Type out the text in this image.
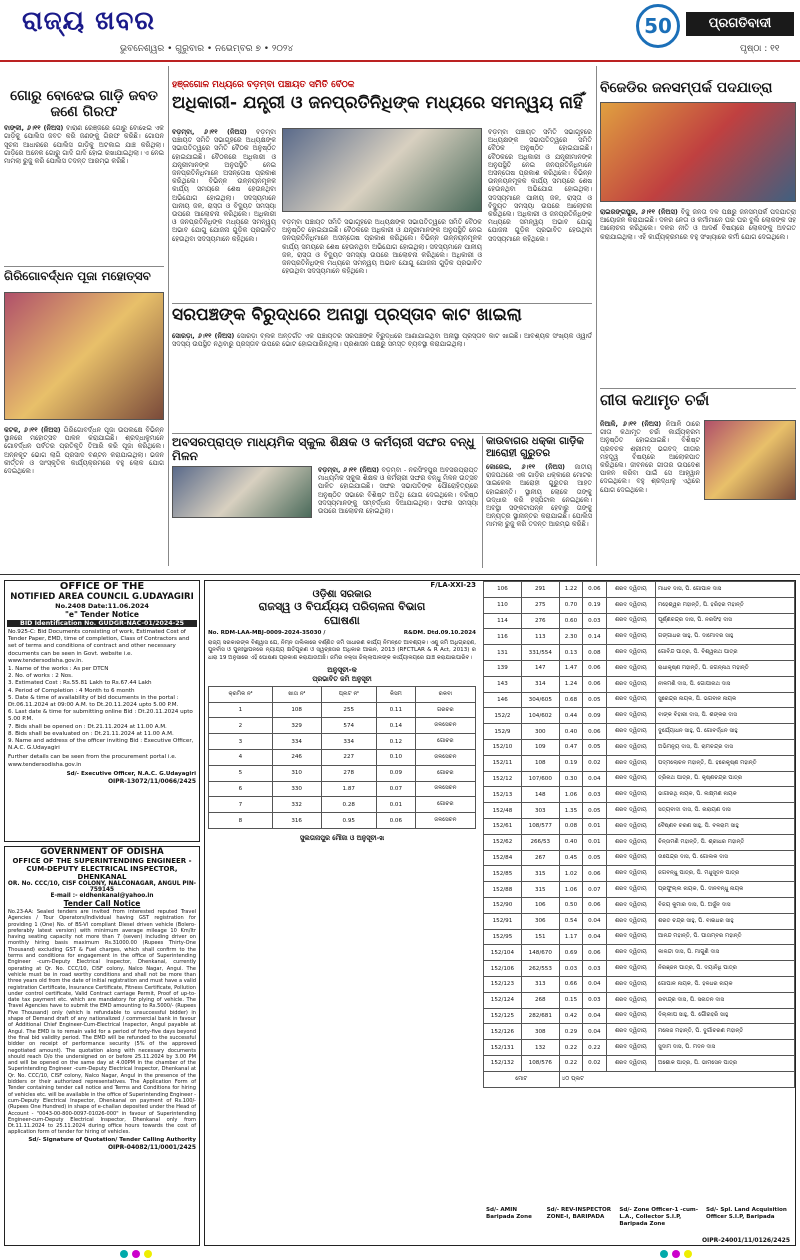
ରାଜ୍ୟ ଖବର
ଭୁବନେଶ୍ୱର • ଗୁରୁବାର • ନଭେମ୍ବର ୭ • ୨୦୨୪
50	ପ୍ରଗତିବାଦୀ
ପୃଷ୍ଠା : ୧୧
ଗୋରୁ ବୋଝେଇ ଗାଡ଼ି ଜବତ ଜଣେ ଗିରଫ
ବାଙ୍କୀ, ୬।୧୧ (ନିଅସ) ବାରାଣ ରେଞ୍ଜରେ ଗୋରୁ ବୋଝେଇ ଏକ ଗାଡ଼ିକୁ ପୋଲିସ ଜବତ କରି ଜଣଙ୍କୁ ଗିରଫ କରିଛି। ଗୋପନ ସୂଚନା ଆଧାରରେ ପୋଲିସ ଗାଡ଼ିକୁ ଅଟକାଇ ଯାଞ୍ଚ କରିଥିଲା। ଗାଡ଼ିରେ ଅନେକ ଗୋରୁ ଗାଦି ଗାଦି ହୋଇ ରଖାଯାଇଥିଲା। ଏ ନେଇ ମାମଲା ରୁଜୁ କରି ପୋଲିସ ତଦନ୍ତ ଆରମ୍ଭ କରିଛି।
ଗିରିଗୋବର୍ଦ୍ଧନ ପୂଜା ମହୋତ୍ସବ
କଟକ, ୬।୧୧ (ନିଅସ) ଗିରିଗୋବର୍ଦ୍ଧନ ପୂଜା ଉପଲକ୍ଷେ ବିଭିନ୍ନ ସ୍ଥାନରେ ମହୋତ୍ସବ ପାଳନ କରାଯାଇଛି। ଶ୍ରଦ୍ଧାଳୁମାନେ ଗୋବର୍ଦ୍ଧନ ପର୍ବତର ପ୍ରତିକୃତି ତିଆରି କରି ପୂଜା କରିଥିଲେ। ଅନ୍ନକୂଟ ଭୋଗ ଲାଗି ପ୍ରସାଦ ବଣ୍ଟନ କରାଯାଇଥିଲା। ଭଜନ କୀର୍ତ୍ତନ ଓ ସାଂସ୍କୃତିକ କାର୍ଯ୍ୟକ୍ରମରେ ବହୁ ଲୋକ ଯୋଗ ଦେଇଥିଲେ।
ହଞ୍ଜଗୋଳ ମଧ୍ୟରେ ବଡ଼ମ୍ବା ପଞ୍ଚାୟତ ସମିତି ବୈଠକ
ଅଧିକାରୀ- ଯନ୍ତ୍ରୀ ଓ ଜନପ୍ରତିନିଧିଙ୍କ ମଧ୍ୟରେ ସମନ୍ୱୟ ନାହିଁ
ବଡ଼ମ୍ବା, ୬।୧୧ (ନିଅସ) ବଡ଼ମ୍ବା ପଞ୍ଚାୟତ ସମିତି ସଭାଗୃହରେ ଅଧ୍ୟକ୍ଷଙ୍କ ସଭାପତିତ୍ୱରେ ସମିତି ବୈଠକ ଅନୁଷ୍ଠିତ ହୋଇଯାଇଛି। ବୈଠକରେ ଅଧିକାରୀ ଓ ଯନ୍ତ୍ରୀମାନଙ୍କ ଅନୁପସ୍ଥିତି ନେଇ ଜନପ୍ରତିନିଧିମାନେ ଅସନ୍ତୋଷ ପ୍ରକାଶ କରିଥିଲେ। ବିଭିନ୍ନ ଉନ୍ନୟନମୂଳକ କାର୍ଯ୍ୟ ସମୟରେ ଶେଷ ହେଉନଥିବା ଅଭିଯୋଗ ହୋଇଥିଲା। ସଦସ୍ୟମାନେ ପାନୀୟ ଜଳ, ରାସ୍ତା ଓ ବିଦ୍ୟୁତ ସମସ୍ୟା ଉପରେ ଆଲୋଚନା କରିଥିଲେ। ଅଧିକାରୀ ଓ ଜନପ୍ରତିନିଧିଙ୍କ ମଧ୍ୟରେ ସମନ୍ୱୟ ଅଭାବ ଯୋଗୁ ଯୋଜନା ଗୁଡ଼ିକ ପ୍ରଭାବିତ ହେଉଥିବା ସଦସ୍ୟମାନେ କହିଥିଲେ।
ବଡ଼ମ୍ବା ପଞ୍ଚାୟତ ସମିତି ସଭାଗୃହରେ ଅଧ୍ୟକ୍ଷଙ୍କ ସଭାପତିତ୍ୱରେ ସମିତି ବୈଠକ ଅନୁଷ୍ଠିତ ହୋଇଯାଇଛି। ବୈଠକରେ ଅଧିକାରୀ ଓ ଯନ୍ତ୍ରୀମାନଙ୍କ ଅନୁପସ୍ଥିତି ନେଇ ଜନପ୍ରତିନିଧିମାନେ ଅସନ୍ତୋଷ ପ୍ରକାଶ କରିଥିଲେ। ବିଭିନ୍ନ ଉନ୍ନୟନମୂଳକ କାର୍ଯ୍ୟ ସମୟରେ ଶେଷ ହେଉନଥିବା ଅଭିଯୋଗ ହୋଇଥିଲା। ସଦସ୍ୟମାନେ ପାନୀୟ ଜଳ, ରାସ୍ତା ଓ ବିଦ୍ୟୁତ ସମସ୍ୟା ଉପରେ ଆଲୋଚନା କରିଥିଲେ। ଅଧିକାରୀ ଓ ଜନପ୍ରତିନିଧିଙ୍କ ମଧ୍ୟରେ ସମନ୍ୱୟ ଅଭାବ ଯୋଗୁ ଯୋଜନା ଗୁଡ଼ିକ ପ୍ରଭାବିତ ହେଉଥିବା ସଦସ୍ୟମାନେ କହିଥିଲେ।
ବଡ଼ମ୍ବା ପଞ୍ଚାୟତ ସମିତି ସଭାଗୃହରେ ଅଧ୍ୟକ୍ଷଙ୍କ ସଭାପତିତ୍ୱରେ ସମିତି ବୈଠକ ଅନୁଷ୍ଠିତ ହୋଇଯାଇଛି। ବୈଠକରେ ଅଧିକାରୀ ଓ ଯନ୍ତ୍ରୀମାନଙ୍କ ଅନୁପସ୍ଥିତି ନେଇ ଜନପ୍ରତିନିଧିମାନେ ଅସନ୍ତୋଷ ପ୍ରକାଶ କରିଥିଲେ। ବିଭିନ୍ନ ଉନ୍ନୟନମୂଳକ କାର୍ଯ୍ୟ ସମୟରେ ଶେଷ ହେଉନଥିବା ଅଭିଯୋଗ ହୋଇଥିଲା। ସଦସ୍ୟମାନେ ପାନୀୟ ଜଳ, ରାସ୍ତା ଓ ବିଦ୍ୟୁତ ସମସ୍ୟା ଉପରେ ଆଲୋଚନା କରିଥିଲେ। ଅଧିକାରୀ ଓ ଜନପ୍ରତିନିଧିଙ୍କ ମଧ୍ୟରେ ସମନ୍ୱୟ ଅଭାବ ଯୋଗୁ ଯୋଜନା ଗୁଡ଼ିକ ପ୍ରଭାବିତ ହେଉଥିବା ସଦସ୍ୟମାନେ କହିଥିଲେ।
ବିଜେଡିର ଜନସମ୍ପର୍କ ପଦଯାତ୍ରା
ରାଇରଙ୍ଗପୁର, ୬।୧୧ (ନିଅସ) ବିଜୁ ଜନତା ଦଳ ପକ୍ଷରୁ ଜନସମ୍ପର୍କ ପଦଯାତ୍ରା ଆୟୋଜନ କରାଯାଇଛି। ଦଳର ନେତା ଓ କର୍ମୀମାନେ ଘର ଘର ବୁଲି ଲୋକଙ୍କ ସହ ଆଲୋଚନା କରିଥିଲେ। ଦଳର ନୀତି ଓ ଆଦର୍ଶ ବିଷୟରେ ଲୋକଙ୍କୁ ଅବଗତ କରାଯାଇଥିଲା। ଏହି କାର୍ଯ୍ୟକ୍ରମରେ ବହୁ ସଂଖ୍ୟାରେ କର୍ମୀ ଯୋଗ ଦେଇଥିଲେ।
ସରପଞ୍ଚଙ୍କ ବିରୁଦ୍ଧରେ ଅନାସ୍ଥା ପ୍ରସ୍ତାବ କାଟ ଖାଇଲା
ସୋରଡ଼ା, ୬।୧୧ (ନିଅସ) ସୋରଡ଼ା ବ୍ଲକ ଅନ୍ତର୍ଗତ ଏକ ପଞ୍ଚାୟତର ସରପଞ୍ଚଙ୍କ ବିରୁଦ୍ଧରେ ଆଣାଯାଇଥିବା ଅନାସ୍ଥା ପ୍ରସ୍ତାବ କାଟ ଖାଇଛି। ଆବଶ୍ୟକ ସଂଖ୍ୟକ ଓ୍ୱାର୍ଡ ସଦସ୍ୟ ଉପସ୍ଥିତ ନଥିବାରୁ ପ୍ରସ୍ତାବ ଉପରେ ଭୋଟ ହୋଇପାରିନଥିଲା। ପ୍ରଶାସନ ପକ୍ଷରୁ ସମସ୍ତ ବ୍ୟବସ୍ଥା କରାଯାଇଥିଲା।
ଗୀତା କଥାମୃତ ଚର୍ଚ୍ଚା
ନିଆଳି, ୬।୧୧ (ନିଅସ) ନିଆଳି ଠାରେ ଗୀତା କଥାମୃତ ଚର୍ଚ୍ଚା କାର୍ଯ୍ୟକ୍ରମ ଅନୁଷ୍ଠିତ ହୋଇଯାଇଛି। ବିଶିଷ୍ଟ ପ୍ରବଚକ ଶ୍ରୀମଦ୍ ଭଗବଦ୍ ଗୀତାର ମହତ୍ତ୍ୱ ବିଷୟରେ ଆଲୋକପାତ କରିଥିଲେ। ଜୀବନରେ ଗୀତାର ଉପଦେଶ ପାଳନ କରିବା ପାଇଁ ସେ ଆହ୍ୱାନ ଦେଇଥିଲେ। ବହୁ ଶ୍ରଦ୍ଧାଳୁ ଏଥିରେ ଯୋଗ ଦେଇଥିଲେ।
ଅବସରପ୍ରାପ୍ତ ମାଧ୍ୟମିକ ସ୍କୁଲ ଶିକ୍ଷକ ଓ କର୍ମଚାରୀ ସଙ୍ଘର ବନ୍ଧୁ ମିଳନ
ବଡ଼ମ୍ବା, ୬।୧୧ (ନିଅସ) ବଡ଼ମ୍ବା - ନରସିଂହପୁର ଅବସରପ୍ରାପ୍ତ ମାଧ୍ୟମିକ ସ୍କୁଲ ଶିକ୍ଷକ ଓ କର୍ମଚାରୀ ସଙ୍ଘର ବନ୍ଧୁ ମିଳନ ଉତ୍ସବ ପାଳିତ ହୋଇଯାଇଛି। ସଙ୍ଘର ସଭାପତିଙ୍କ ପୌରୋହିତ୍ୟରେ ଅନୁଷ୍ଠିତ ସଭାରେ ବିଶିଷ୍ଟ ଅତିଥି ଯୋଗ ଦେଇଥିଲେ। ବରିଷ୍ଠ ସଦସ୍ୟମାନଙ୍କୁ ସମ୍ବର୍ଦ୍ଧନା ଦିଆଯାଇଥିଲା। ସଙ୍ଘର ସମସ୍ୟା ଉପରେ ଆଲୋଚନା ହୋଇଥିଲା।
କାଉବାଗର ଧକ୍କା ଗାଡ଼ିକ ଆରୋହୀ ଗୁରୁତର
କୋରେଇ, ୬।୧୧ (ନିଅସ) ଜାତୀୟ ରାଜପଥରେ ଏକ ଗାଡ଼ିର ଧକ୍କାରେ ମୋଟର ସାଇକେଲ ଆରୋହୀ ଗୁରୁତର ଆହତ ହୋଇଛନ୍ତି। ସ୍ଥାନୀୟ ଲୋକେ ତାଙ୍କୁ ଉଦ୍ଧାର କରି ହସ୍ପିଟାଲ ନେଇଥିଲେ। ଅବସ୍ଥା ସଙ୍କଟାପନ୍ନ ହେବାରୁ ତାଙ୍କୁ ଅନ୍ୟତ୍ର ସ୍ଥାନାନ୍ତର କରାଯାଇଛି। ପୋଲିସ ମାମଲା ରୁଜୁ କରି ତଦନ୍ତ ଆରମ୍ଭ କରିଛି।
OFFICE OF THE
NOTIFIED AREA COUNCIL G.UDAYAGIRI
No.2408 Date:11.06.2024
"e" Tender Notice
BID Identification No. GUDGR-NAC-01/2024-25
No.925-C: Bid Documents consisting of work, Estimated Cost of Tender Paper, EMD, time of completion, Class of Contractors and set of terms and conditions of contract and other necessary documents can be seen in Govt. website i.e. www.tendersodisha.gov.in.
1. Name of the works : As per DTCN
2. No. of works : 2 Nos.
3. Estimated Cost : Rs.55.81 Lakh to Rs.67.44 Lakh
4. Period of Completion : 4 Month to 6 month
5. Date & time of availability of bid documents in the portal : Dt.06.11.2024 at 09:00 A.M. to Dt.20.11.2024 upto 5.00 P.M.
6. Last date & time for submitting online Bid : Dt.20.11.2024 upto 5.00 P.M.
7. Bids shall be opened on : Dt.21.11.2024 at 11.00 A.M.
8. Bids shall be evaluated on : Dt.21.11.2024 at 11.00 A.M.
9. Name and address of the officer inviting Bid : Executive Officer, N.A.C. G.Udayagiri
Further details can be seen from the procurement portal i.e. www.tendersodisha.gov.in
Sd/- Executive Officer, N.A.C. G.Udayagiri
OIPR-13072/11/0066/2425
GOVERNMENT OF ODISHA
OFFICE OF THE SUPERINTENDING ENGINEER -CUM-DEPUTY ELECTRICAL INSPECTOR, DHENKANAL
OR. No. CCC/10, CISF COLONY, NALCONAGAR, ANGUL PIN-759145
E-mail :- eidhenkanal@yahoo.in
Tender Call Notice
No.23-AA: Sealed tenders are invited from interested reputed Travel Agencies / Tour Operators/Individual having GST registration for providing 1 (One) No. of BS-VI compliant Diesel driven vehicle (Bolero-preferably latest version) with minimum average mileage 10 Km/ltr having seating capacity not more than 7 (seven) including driver on monthly hiring basis maximum Rs.31000.00 (Rupees Thirty-One Thousand) excluding GST & Fuel charges, which shall confirm to the terms and conditions for engagement in the office of Superintending Engineer -cum-Deputy Electrical Inspector, Dhenkanal, currently operating at Qr. No. CCC/10, CISF colony, Nalco Nagar, Angul. The vehicle must be in road worthy conditions and shall not be more than three years old from the date of initial registration and must have a valid registration Certificate, Insurance Certificate, Fitness Certificate, Pollution under control certificate, Valid Contract carriage Permit, Proof of up-to-date tax payment etc. which are mandatory for plying of vehicle. The Travel Agencies have to submit the EMD amounting to Rs.5000/- (Rupees Five Thousand) only (which is refundable to unsuccessful bidder) in shape of Demand draft of any nationalized / commercial bank in favour of Additional Chief Engineer-Cum-Electrical Inspector, Angul payable at Angul. The EMD is to remain valid for a period of forty-five days beyond the final bid validity period. The EMD will be refunded to the successful bidder on receipt of performance security (5% of the approved negotiated amount). The quotation along with necessary documents should reach O/o the undersigned on or before 25.11.2024 by 3.00 PM and will be opened on the same day at 4.00PM in the chamber of the Superintending Engineer -cum-Deputy Electrical Inspector, Dhenkanal at Qr. No. CCC/10, CISF colony, Nalco Nagar, Angul in the presence of the bidders or their authorized representatives. The Application Form of Tender containing tender call notice and Terms and Conditions for hiring of vehicles etc. will be available in the office of Superintending Engineer -cum-Deputy Electrical Inspector, Dhenkanal on payment of Rs.100/- (Rupees One Hundred) in shape of e-challan deposited under the Head of Account - "0043-00-800-0097-01026-000" in favour of Superintending Engineer-cum-Deputy Electrical Inspector, Dhenkanal only from Dt.11.11.2024 to 25.11.2024 during office hours towards the cost of application form of tender for hiring of vehicles.
Sd/- Signature of Quotation/ Tender Calling Authority
OIPR-04082/11/0001/2425
F/LA-XXI-23
ଓଡ଼ିଶା ସରକାର
ରାଜସ୍ୱ ଓ ବିପର୍ଯ୍ୟୟ ପରିଚାଳନା ବିଭାଗ
ଘୋଷଣା
No. RDM-LAA-MBJ-0009-2024-35030 /	R&DM. Dtd.09.10.2024
ରାଜ୍ୟ ସରକାରଙ୍କ ବିଶ୍ୱାସ ଯେ, ନିମ୍ନ ତାଲିକାରେ ବର୍ଣ୍ଣିତ ଜମି ସାଧାରଣ କାର୍ଯ୍ୟ ନିମନ୍ତେ ଆବଶ୍ୟକ। ଏଣୁ ଜମି ଅଧିଗ୍ରହଣ, ପୁନର୍ବାସ ଓ ପୁନଃସ୍ଥାପନରେ ନ୍ୟାଯ୍ୟ କ୍ଷତିପୂରଣ ଓ ସ୍ୱଚ୍ଛତାର ଅଧିକାର ଆଇନ, 2013 (RFCTLAR & R Act, 2013) ର ଧାରା 19 ଅନୁସାରେ ଏହି ଘୋଷଣା ପ୍ରକାଶ କରାଯାଉଅଛି। ଜମିର ନକ୍ସା ଜିଲ୍ଲାପାଳଙ୍କ କାର୍ଯ୍ୟାଳୟରେ ଯାଞ୍ଚ କରାଯାଇପାରିବ।
ଅନୁସୂଚୀ-କ
ପ୍ରଭାବିତ ଜମି ଅନୁସୂଚୀ
କ୍ରମିକ ନଂ	ଖାତା ନଂ	ପ୍ଲଟ ନଂ	କିସମ	ରକବା
1	108	255	0.11	ଗରଚର
2	329	574	0.14	ଜଳସେଚନ
3	334	334	0.12	ଗୋଚର
4	246	227	0.10	ଜଳସେଚନ
5	310	278	0.09	ଗୋଚର
6	330	1.87	0.07	ଜଳସେଚନ
7	332	0.28	0.01	ଗୋଚର
8	316	0.95	0.06	ଜଳସେଚନ
ସୁଲତାନାପୁର ମୌଜା ଓ ଅନୁସୂଚୀ-ଖ
106	291	1.22	0.06	ଶରଦ ଦ୍ୱିତୀୟ	ମାଧବ ଦାସ, ପି. ଗୋପାଳ ଦାସ
110	275	0.70	0.19	ଶରଦ ଦ୍ୱିତୀୟ	ମହେଶ୍ୱର ମହାନ୍ତି, ପି. ହରିହର ମହାନ୍ତି
114	276	0.60	0.03	ଶରଦ ଦ୍ୱିତୀୟ	ପୂର୍ଣ୍ଣଚନ୍ଦ୍ର ଦାସ, ପି. ନରସିଂହ ଦାସ
116	113	2.30	0.14	ଶରଦ ଦ୍ୱିତୀୟ	ଗଙ୍ଗାଧର ସାହୁ, ପି. ଦାମୋଦର ସାହୁ
131	331/554	0.13	0.08	ଶରଦ ଦ୍ୱିତୀୟ	ଗୋବିନ୍ଦ ପାତ୍ର, ପି. ବିଶ୍ୱନାଥ ପାତ୍ର
139	147	1.47	0.06	ଶରଦ ଦ୍ୱିତୀୟ	ରାଧାକୃଷ୍ଣ ମହାନ୍ତି, ପି. ଜଗନ୍ନାଥ ମହାନ୍ତି
143	314	1.24	0.06	ଶରଦ ଦ୍ୱିତୀୟ	ନୀଳମଣି ଦାସ, ପି. ଗୋପୀନାଥ ଦାସ
146	304/605	0.68	0.05	ଶରଦ ଦ୍ୱିତୀୟ	ସୁରେନ୍ଦ୍ର ନାୟକ, ପି. ଭଗବାନ ନାୟକ
152/2	104/602	0.44	0.09	ଶରଦ ଦ୍ୱିତୀୟ	ବାଙ୍କ ବିହାରୀ ଦାସ, ପି. ଶଙ୍କର ଦାସ
152/9	300	0.40	0.06	ଶରଦ ଦ୍ୱିତୀୟ	ଦୁର୍ଯ୍ୟୋଧନ ସାହୁ, ପି. ଗୋବର୍ଦ୍ଧନ ସାହୁ
152/10	109	0.47	0.05	ଶରଦ ଦ୍ୱିତୀୟ	ଅଭିମନ୍ୟୁ ଦାସ, ପି. ରାମଚନ୍ଦ୍ର ଦାସ
152/11	108	0.19	0.02	ଶରଦ ଦ୍ୱିତୀୟ	ପଦ୍ମଲୋଚନ ମହାନ୍ତି, ପି. ହରେକୃଷ୍ଣ ମହାନ୍ତି
152/12	107/600	0.30	0.04	ଶରଦ ଦ୍ୱିତୀୟ	ତ୍ରିନାଥ ପାତ୍ର, ପି. କୃଷ୍ଣଚନ୍ଦ୍ର ପାତ୍ର
152/13	148	1.06	0.03	ଶରଦ ଦ୍ୱିତୀୟ	ଭାଗୀରଥି ନାୟକ, ପି. ଲକ୍ଷ୍ମଣ ନାୟକ
152/48	303	1.35	0.05	ଶରଦ ଦ୍ୱିତୀୟ	ସତ୍ୟବାଦୀ ଦାସ, ପି. ନାରାୟଣ ଦାସ
152/61	108/577	0.08	0.01	ଶରଦ ଦ୍ୱିତୀୟ	ବୈଷ୍ଣବ ଚରଣ ସାହୁ, ପି. ବଳରାମ ସାହୁ
152/62	266/53	0.40	0.01	ଶରଦ ଦ୍ୱିତୀୟ	ଚିନ୍ତାମଣି ମହାନ୍ତି, ପି. ଶ୍ରୀଧର ମହାନ୍ତି
152/84	267	0.45	0.05	ଶରଦ ଦ୍ୱିତୀୟ	ଉପେନ୍ଦ୍ର ଦାସ, ପି. ଗୋଲକ ଦାସ
152/85	315	1.02	0.06	ଶରଦ ଦ୍ୱିତୀୟ	ଜଗବନ୍ଧୁ ପାତ୍ର, ପି. ମଧୁସୂଦନ ପାତ୍ର
152/88	315	1.06	0.07	ଶରଦ ଦ୍ୱିତୀୟ	ପ୍ରଫୁଲ୍ଲ ନାୟକ, ପି. ଦୀନବନ୍ଧୁ ନାୟକ
152/90	106	0.50	0.06	ଶରଦ ଦ୍ୱିତୀୟ	ବିଜୟ କୁମାର ଦାସ, ପି. ଅର୍ଜୁନ ଦାସ
152/91	306	0.54	0.04	ଶରଦ ଦ୍ୱିତୀୟ	ଶରତ ଚନ୍ଦ୍ର ସାହୁ, ପି. ବାଇଧର ସାହୁ
152/95	151	1.17	0.04	ଶରଦ ଦ୍ୱିତୀୟ	ଆନନ୍ଦ ମହାନ୍ତି, ପି. ପୀତାମ୍ବର ମହାନ୍ତି
152/104	148/670	0.69	0.06	ଶରଦ ଦ୍ୱିତୀୟ	କାଳନ୍ଦୀ ଦାସ, ପି. ମାଗୁଣି ଦାସ
152/106	262/553	0.03	0.03	ଶରଦ ଦ୍ୱିତୀୟ	ନିରଞ୍ଜନ ପାତ୍ର, ପି. ଦୟାନିଧି ପାତ୍ର
152/123	313	0.66	0.04	ଶରଦ ଦ୍ୱିତୀୟ	ଗୋପାଳ ନାୟକ, ପି. ହଳଧର ନାୟକ
152/124	268	0.15	0.03	ଶରଦ ଦ୍ୱିତୀୟ	ରବୀନ୍ଦ୍ର ଦାସ, ପି. ସନାତନ ଦାସ
152/125	282/681	0.42	0.04	ଶରଦ ଦ୍ୱିତୀୟ	ଦିଲ୍ଲୀପ ସାହୁ, ପି. ଗୌରହରି ସାହୁ
152/126	308	0.29	0.04	ଶରଦ ଦ୍ୱିତୀୟ	ମନୋଜ ମହାନ୍ତି, ପି. ଦୁର୍ଗାଚରଣ ମହାନ୍ତି
152/131	132	0.22	0.22	ଶରଦ ଦ୍ୱିତୀୟ	ସୁଦାମ ଦାସ, ପି. ମଦନ ଦାସ
152/132	108/576	0.22	0.02	ଶରଦ ଦ୍ୱିତୀୟ	ଅଶୋକ ପାତ୍ର, ପି. ଭୀମସେନ ପାତ୍ର
ମୋଟ		୪୦ ପ୍ଲଟ			
Sd/- AMIN Baripada Zone
Sd/- REV-INSPECTOR ZONE-I, BARIPADA
Sd/- Zone Officer-1 -cum-L.A., Collector S.I.P, Baripada Zone
Sd/- Spl. Land Acquisition Officer S.I.P, Baripada
OIPR-24001/11/0126/2425
